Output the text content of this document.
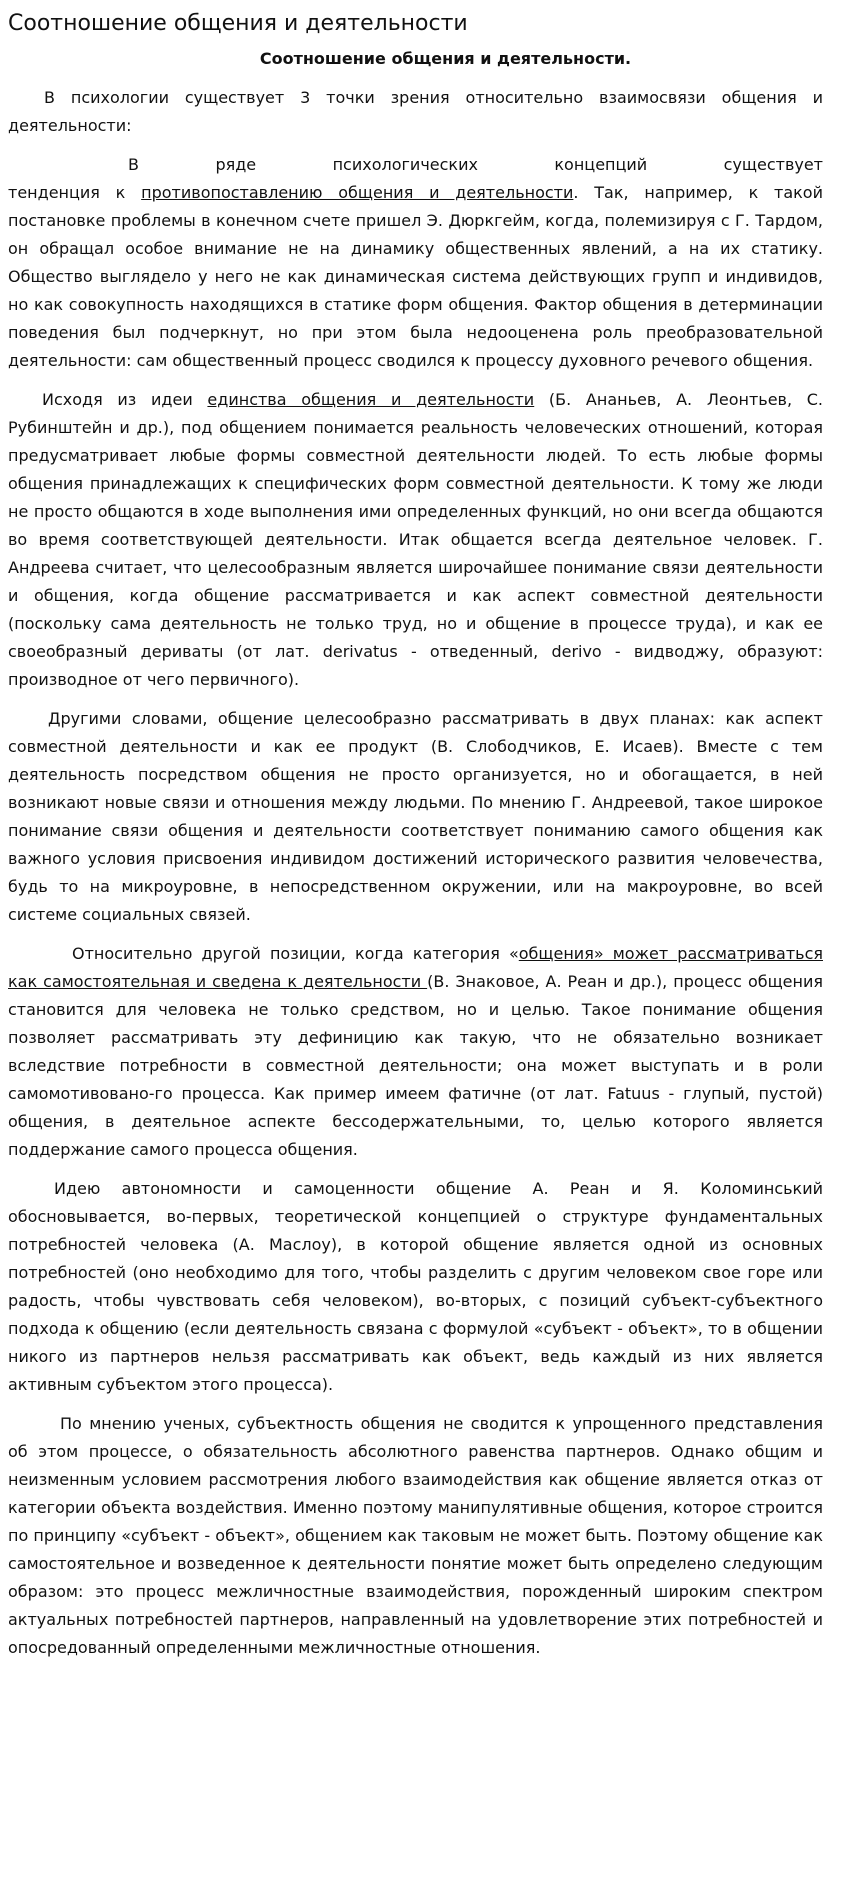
Соотношение общения и деятельности
Соотношение общения и деятельности.

В психологии существует 3 точки зрения относительно взаимосвязи общения и деятельности:

В	ряде	психологических	концепций	существует

тенденция к противопоставлению общения и деятельности. Так, например, к такой постановке проблемы в конечном счете пришел Э. Дюркгейм, когда, полемизируя с Г. Тардом, он обращал особое внимание не на динамику общественных явлений, а на их статику. Общество выглядело у него не как динамическая система действующих групп и индивидов, но как совокупность находящихся в статике форм общения. Фактор общения в детерминации поведения был подчеркнут, но при этом была недооценена роль преобразовательной деятельности: сам общественный процесс сводился к процессу духовного речевого общения.

Исходя из идеи единства общения и деятельности (Б. Ананьев, А. Леонтьев, С. Рубинштейн и др.), под общением понимается реальность человеческих отношений, которая предусматривает любые формы совместной деятельности людей. То есть любые формы общения принадлежащих к специфических форм совместной деятельности. К тому же люди не просто общаются в ходе выполнения ими определенных функций, но они всегда общаются во время соответствующей деятельности. Итак общается всегда деятельное человек. Г. Андреева считает, что целесообразным является широчайшее понимание связи деятельности и общения, когда общение рассматривается и как аспект совместной деятельности (поскольку сама деятельность не только труд, но и общение в процессе труда), и как ее своеобразный дериваты (от лат. derivatus - отведенный, derivo - видводжу, образуют: производное от чего первичного).

Другими словами, общение целесообразно рассматривать в двух планах: как аспект совместной деятельности и как ее продукт (В. Слободчиков, Е. Исаев). Вместе с тем деятельность посредством общения не просто организуется, но и обогащается, в ней возникают новые связи и отношения между людьми. По мнению Г. Андреевой, такое широкое понимание связи общения и деятельности соответствует пониманию самого общения как важного условия присвоения индивидом достижений исторического развития человечества, будь то на микроуровне, в непосредственном окружении, или на макроуровне, во всей системе социальных связей.

Относительно другой позиции, когда категория «общения» может рассматриваться как самостоятельная и сведена к деятельности (В. Знаковое, А. Реан и др.), процесс общения становится для человека не только средством, но и целью. Такое понимание общения позволяет рассматривать эту дефиницию как такую, что не обязательно возникает вследствие потребности в совместной деятельности; она может выступать и в роли самомотивовано-го процесса. Как пример имеем фатичне (от лат. Fatuus - глупый, пустой) общения, в деятельное аспекте бессодержательными, то, целью которого является поддержание самого процесса общения.

Идею автономности и самоценности общение А. Реан и Я. Коломинський обосновывается, во-первых, теоретической концепцией о структуре фундаментальных потребностей человека (А. Маслоу), в которой общение является одной из основных потребностей (оно необходимо для того, чтобы разделить с другим человеком свое горе или радость, чтобы чувствовать себя человеком), во-вторых, с позиций субъект-субъектного подхода к общению (если деятельность связана с формулой «субъект - объект», то в общении никого из партнеров нельзя рассматривать как объект, ведь каждый из них является активным субъектом этого процесса).

По мнению ученых, субъектность общения не сводится к упрощенного представления об этом процессе, о обязательность абсолютного равенства партнеров. Однако общим и неизменным условием рассмотрения любого взаимодействия как общение является отказ от категории объекта воздействия. Именно поэтому манипулятивные общения, которое строится по принципу «субъект - объект», общением как таковым не может быть. Поэтому общение как самостоятельное и возведенное к деятельности понятие может быть определено следующим образом: это процесс межличностные взаимодействия, порожденный широким спектром актуальных потребностей партнеров, направленный на удовлетворение этих потребностей и опосредованный определенными межличностные отношения.
